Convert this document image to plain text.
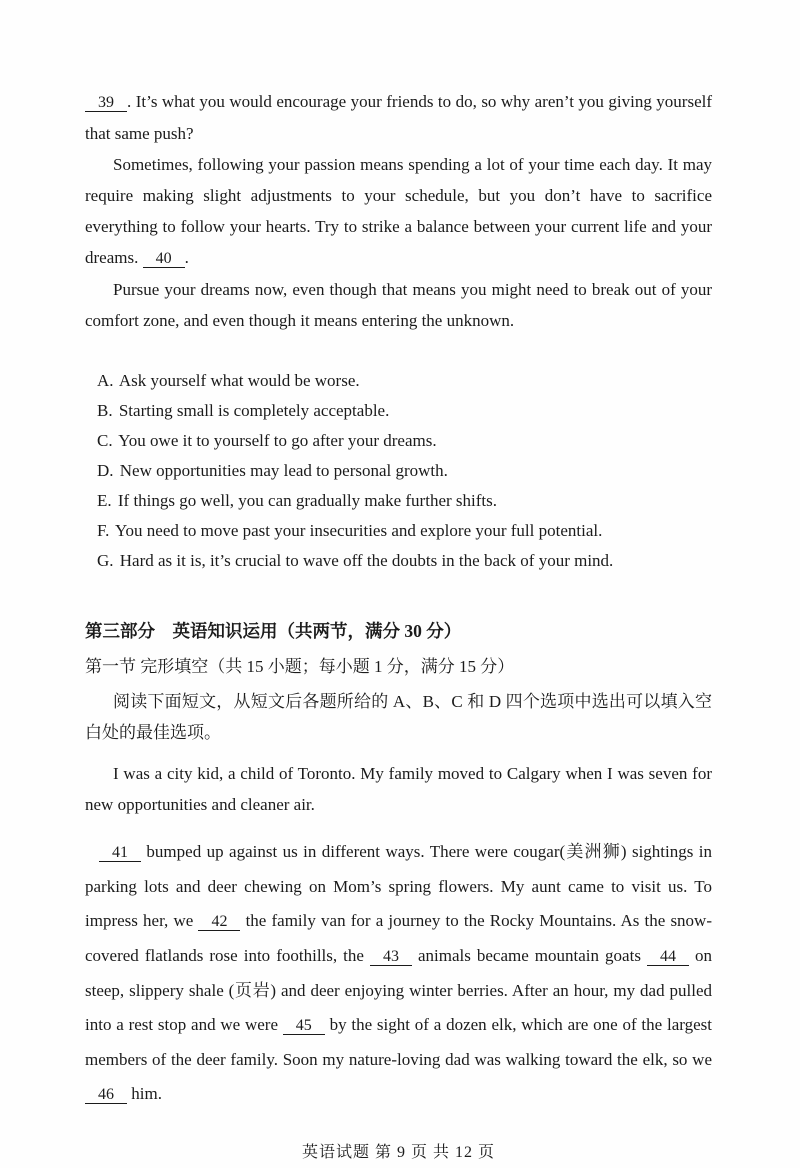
39 . It’s what you would encourage your friends to do, so why aren’t you giving yourself that same push?

Sometimes, following your passion means spending a lot of your time each day. It may require making slight adjustments to your schedule, but you don’t have to sacrifice everything to follow your hearts. Try to strike a balance between your current life and your dreams. 40 .

Pursue your dreams now, even though that means you might need to break out of your comfort zone, and even though it means entering the unknown.

A. Ask yourself what would be worse.
B. Starting small is completely acceptable.
C. You owe it to yourself to go after your dreams.
D. New opportunities may lead to personal growth.
E. If things go well, you can gradually make further shifts.
F. You need to move past your insecurities and explore your full potential.
G. Hard as it is, it’s crucial to wave off the doubts in the back of your mind.
第三部分　英语知识运用（共两节，满分 30 分）
第一节 完形填空（共 15 小题；每小题 1 分，满分 15 分）

阅读下面短文，从短文后各题所给的 A、B、C 和 D 四个选项中选出可以填入空白处的最佳选项。

I was a city kid, a child of Toronto. My family moved to Calgary when I was seven for new opportunities and cleaner air.

41 bumped up against us in different ways. There were cougar(美洲狮) sightings in parking lots and deer chewing on Mom’s spring flowers. My aunt came to visit us. To impress her, we 42 the family van for a journey to the Rocky Mountains. As the snow-covered flatlands rose into foothills, the 43 animals became mountain goats 44 on steep, slippery shale (页岩) and deer enjoying winter berries. After an hour, my dad pulled into a rest stop and we were 45 by the sight of a dozen elk, which are one of the largest members of the deer family. Soon my nature-loving dad was walking toward the elk, so we 46 him.

英语试题 第 9 页 共 12 页
